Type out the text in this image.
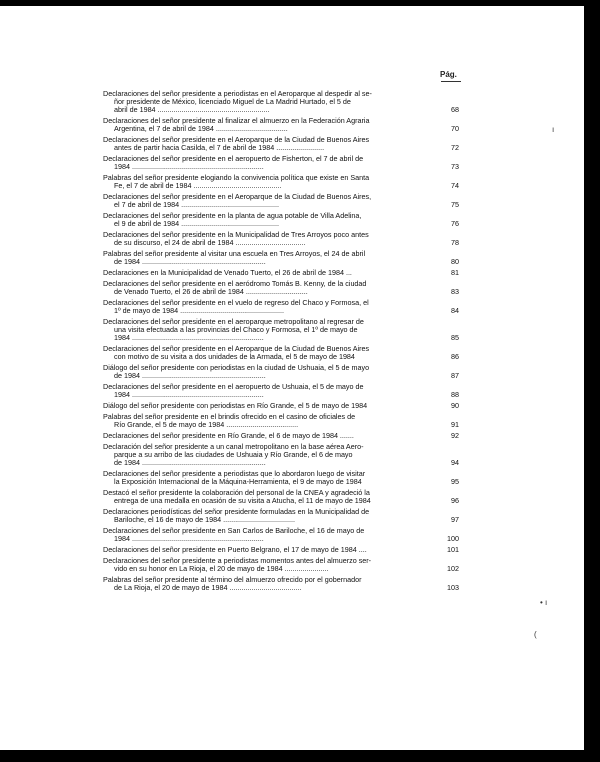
Pág.
ı
• ı
(
Declaraciones del señor presidente a periodistas en el Aeroparque al despedir al se-
ñor presidente de México, licenciado Miguel de La Madrid Hurtado, el 5 de
abril de 1984 ........................................................	68
Declaraciones del señor presidente al finalizar el almuerzo en la Federación Agraria
Argentina, el 7 de abril de 1984 ....................................	70
Declaraciones del señor presidente en el Aeroparque de la Ciudad de Buenos Aires
antes de partir hacia Casilda, el 7 de abril de 1984 ........................	72
Declaraciones del señor presidente en el aeropuerto de Fisherton, el 7 de abril de
1984 ..................................................................	73
Palabras del señor presidente elogiando la convivencia política que existe en Santa
Fe, el 7 de abril de 1984 ............................................	74
Declaraciones del señor presidente en el Aeroparque de la Ciudad de Buenos Aires,
el 7 de abril de 1984 .................................................	75
Declaraciones del señor presidente en la planta de agua potable de Villa Adelina,
el 9 de abril de 1984 .................................................	76
Declaraciones del señor presidente en la Municipalidad de Tres Arroyos poco antes
de su discurso, el 24 de abril de 1984 ...................................	78
Palabras del señor presidente al visitar una escuela en Tres Arroyos, el 24 de abril
de 1984 ..............................................................	80
Declaraciones en la Municipalidad de Venado Tuerto, el 26 de abril de 1984 ...	81
Declaraciones del señor presidente en el aeródromo Tomás B. Kenny, de la ciudad
de Venado Tuerto, el 26 de abril de 1984 ...............................	83
Declaraciones del señor presidente en el vuelo de regreso del Chaco y Formosa, el
1º de mayo de 1984 ....................................................	84
Declaraciones del señor presidente en el aeroparque metropolitano al regresar de
una visita efectuada a las provincias del Chaco y Formosa, el 1º de mayo de
1984 ..................................................................	85
Declaraciones del señor presidente en el Aeroparque de la Ciudad de Buenos Aires
con motivo de su visita a dos unidades de la Armada, el 5 de mayo de 1984	86
Diálogo del señor presidente con periodistas en la ciudad de Ushuaia, el 5 de mayo
de 1984 ..............................................................	87
Declaraciones del señor presidente en el aeropuerto de Ushuaia, el 5 de mayo de
1984 ..................................................................	88
Diálogo del señor presidente con periodistas en Río Grande, el 5 de mayo de 1984	90
Palabras del señor presidente en el brindis ofrecido en el casino de oficiales de
Río Grande, el 5 de mayo de 1984 ....................................	91
Declaraciones del señor presidente en Río Grande, el 6 de mayo de 1984 .......	92
Declaración del señor presidente a un canal metropolitano en la base aérea Aero-
parque a su arribo de las ciudades de Ushuaia y Río Grande, el 6 de mayo
de 1984 ..............................................................	94
Declaraciones del señor presidente a periodistas que lo abordaron luego de visitar
la Exposición Internacional de la Máquina-Herramienta, el 9 de mayo de 1984	95
Destacó el señor presidente la colaboración del personal de la CNEA y agradeció la
entrega de una medalla en ocasión de su visita a Atucha, el 11 de mayo de 1984	96
Declaraciones periodísticas del señor presidente formuladas en la Municipalidad de
Bariloche, el 16 de mayo de 1984 ....................................	97
Declaraciones del señor presidente en San Carlos de Bariloche, el 16 de mayo de
1984 ..................................................................	100
Declaraciones del señor presidente en Puerto Belgrano, el 17 de mayo de 1984 ....	101
Declaraciones del señor presidente a periodistas momentos antes del almuerzo ser-
vido en su honor en La Rioja, el 20 de mayo de 1984 ......................	102
Palabras del señor presidente al término del almuerzo ofrecido por el gobernador
de La Rioja, el 20 de mayo de 1984 ....................................	103
